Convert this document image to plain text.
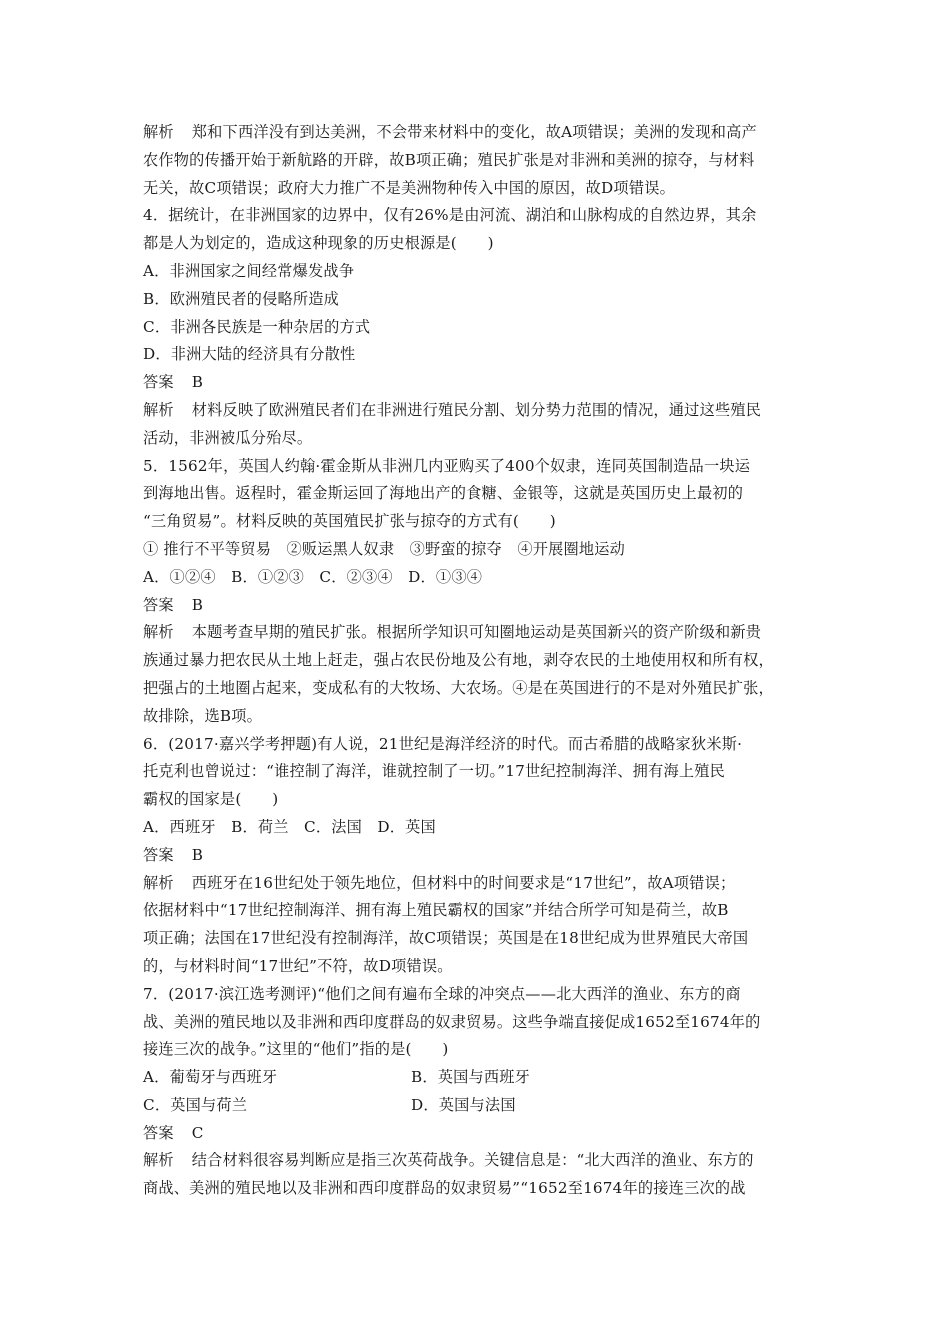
解析 郑和下西洋没有到达美洲，不会带来材料中的变化，故A项错误；美洲的发现和高产
农作物的传播开始于新航路的开辟，故B项正确；殖民扩张是对非洲和美洲的掠夺，与材料
无关，故C项错误；政府大力推广不是美洲物种传入中国的原因，故D项错误。
4．据统计，在非洲国家的边界中，仅有26%是由河流、湖泊和山脉构成的自然边界，其余
都是人为划定的，造成这种现象的历史根源是(　　)
A．非洲国家之间经常爆发战争
B．欧洲殖民者的侵略所造成
C．非洲各民族是一种杂居的方式
D．非洲大陆的经济具有分散性
答案 B
解析 材料反映了欧洲殖民者们在非洲进行殖民分割、划分势力范围的情况，通过这些殖民
活动，非洲被瓜分殆尽。
5．1562年，英国人约翰·霍金斯从非洲几内亚购买了400个奴隶，连同英国制造品一块运
到海地出售。返程时，霍金斯运回了海地出产的食糖、金银等，这就是英国历史上最初的
“三角贸易”。材料反映的英国殖民扩张与掠夺的方式有(　　)
① 推行不平等贸易　②贩运黑人奴隶　③野蛮的掠夺　④开展圈地运动
A．①②④　B．①②③　C．②③④　D．①③④
答案 B
解析 本题考查早期的殖民扩张。根据所学知识可知圈地运动是英国新兴的资产阶级和新贵
族通过暴力把农民从土地上赶走，强占农民份地及公有地，剥夺农民的土地使用权和所有权，
把强占的土地圈占起来，变成私有的大牧场、大农场。④是在英国进行的不是对外殖民扩张，
故排除，选B项。
6．(2017·嘉兴学考押题)有人说，21世纪是海洋经济的时代。而古希腊的战略家狄米斯·
托克利也曾说过：“谁控制了海洋，谁就控制了一切。”17世纪控制海洋、拥有海上殖民
霸权的国家是(　　)
A．西班牙　B．荷兰　C．法国　D．英国
答案 B
解析 西班牙在16世纪处于领先地位，但材料中的时间要求是“17世纪”，故A项错误；
依据材料中“17世纪控制海洋、拥有海上殖民霸权的国家”并结合所学可知是荷兰，故B
项正确；法国在17世纪没有控制海洋，故C项错误；英国是在18世纪成为世界殖民大帝国
的，与材料时间“17世纪”不符，故D项错误。
7．(2017·滨江选考测评)“他们之间有遍布全球的冲突点——北大西洋的渔业、东方的商
战、美洲的殖民地以及非洲和西印度群岛的奴隶贸易。这些争端直接促成1652至1674年的
接连三次的战争。”这里的“他们”指的是(　　)
A．葡萄牙与西班牙	B．英国与西班牙
C．英国与荷兰	D．英国与法国
答案 C
解析 结合材料很容易判断应是指三次英荷战争。关键信息是：“北大西洋的渔业、东方的
商战、美洲的殖民地以及非洲和西印度群岛的奴隶贸易”“1652至1674年的接连三次的战
